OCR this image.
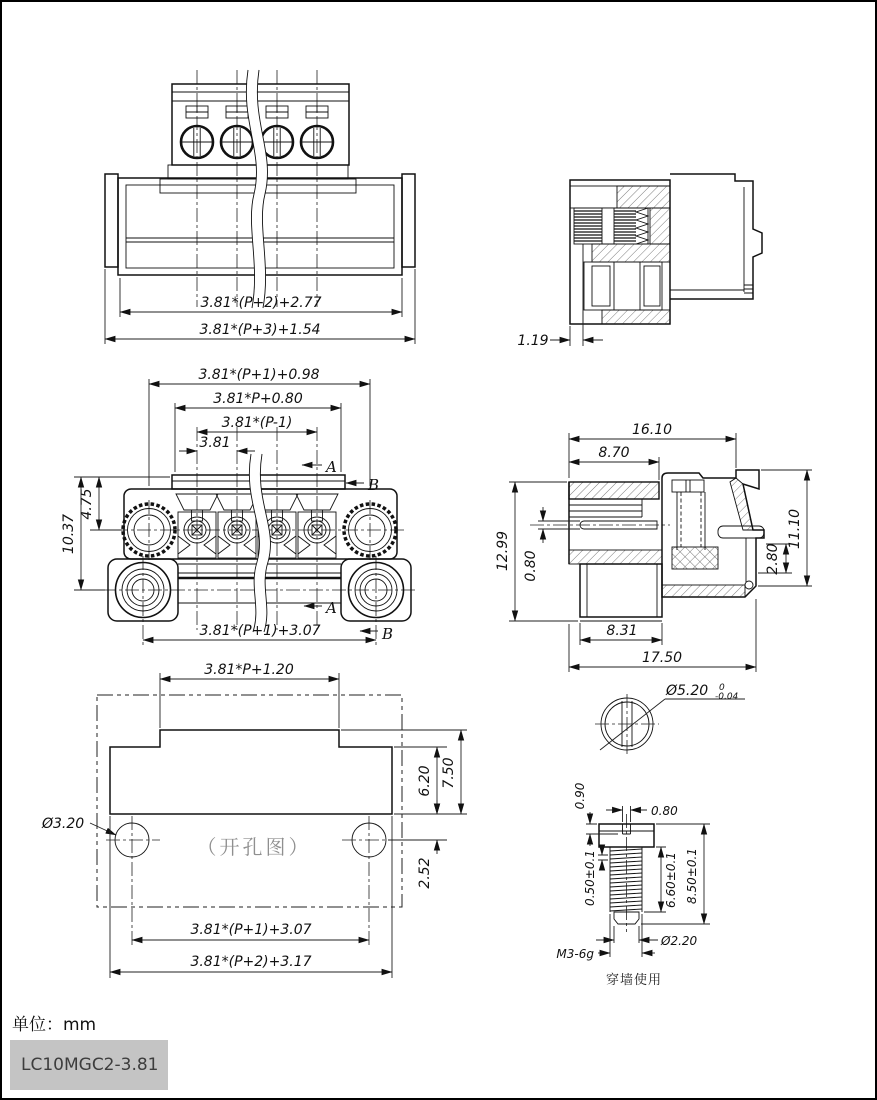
3.81*(P+2)+2.77
3.81*(P+3)+1.54
1.19
3.81*(P+1)+0.98
3.81*P+0.80
3.81*(P-1)
3.81
A
B
A
B
4.75
10.37
3.81*(P+1)+3.07
16.10
8.70
12.99 0.80	2.80
11.10
8.31
17.50
（开孔图）
3.81*P+1.20
Ø3.20
6.20 7.50
2.52
3.81*(P+1)+3.07
3.81*(P+2)+3.17
Ø5.20 0
-0.04
0.90
0.80
0.50±0.1	6.60±0.1 8.50±0.1
Ø2.20
M3-6g
穿墙使用
单位：mm
LC10MGC2-3.81
